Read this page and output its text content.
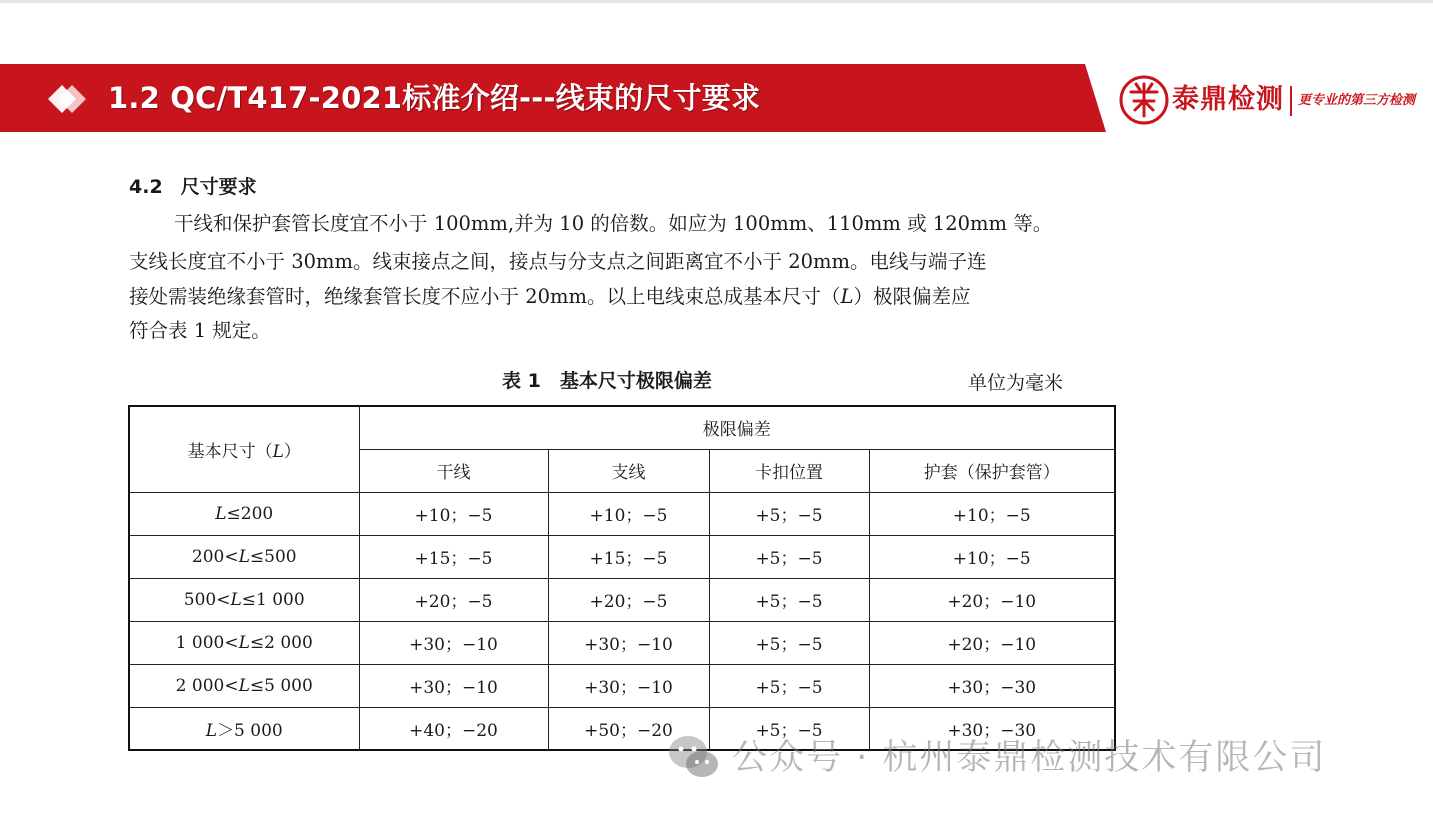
1.2 QC/T417-2021标准介绍---线束的尺寸要求	泰鼎检测 更专业的第三方检测
4.2 尺寸要求
干线和保护套管长度宜不小于 100mm,并为 10 的倍数。如应为 100mm、110mm 或 120mm 等。
支线长度宜不小于 30mm。线束接点之间，接点与分支点之间距离宜不小于 20mm。电线与端子连
接处需装绝缘套管时，绝缘套管长度不应小于 20mm。以上电线束总成基本尺寸（L）极限偏差应
符合表 1 规定。
表 1　基本尺寸极限偏差	单位为毫米
基本尺寸（L）	极限偏差			
	干线	支线	卡扣位置	护套（保护套管）
L≤200	+10；−5	+10；−5	+5；−5	+10；−5
200<L≤500	+15；−5	+15；−5	+5；−5	+10；−5
500<L≤1 000	+20；−5	+20；−5	+5；−5	+20；−10
1 000<L≤2 000	+30；−10	+30；−10	+5；−5	+20；−10
2 000<L≤5 000	+30；−10	+30；−10	+5；−5	+30；−30
L＞5 000	+40；−20	+50；−20	+5；−5	+30；−30
公众号 · 杭州泰鼎检测技术有限公司
